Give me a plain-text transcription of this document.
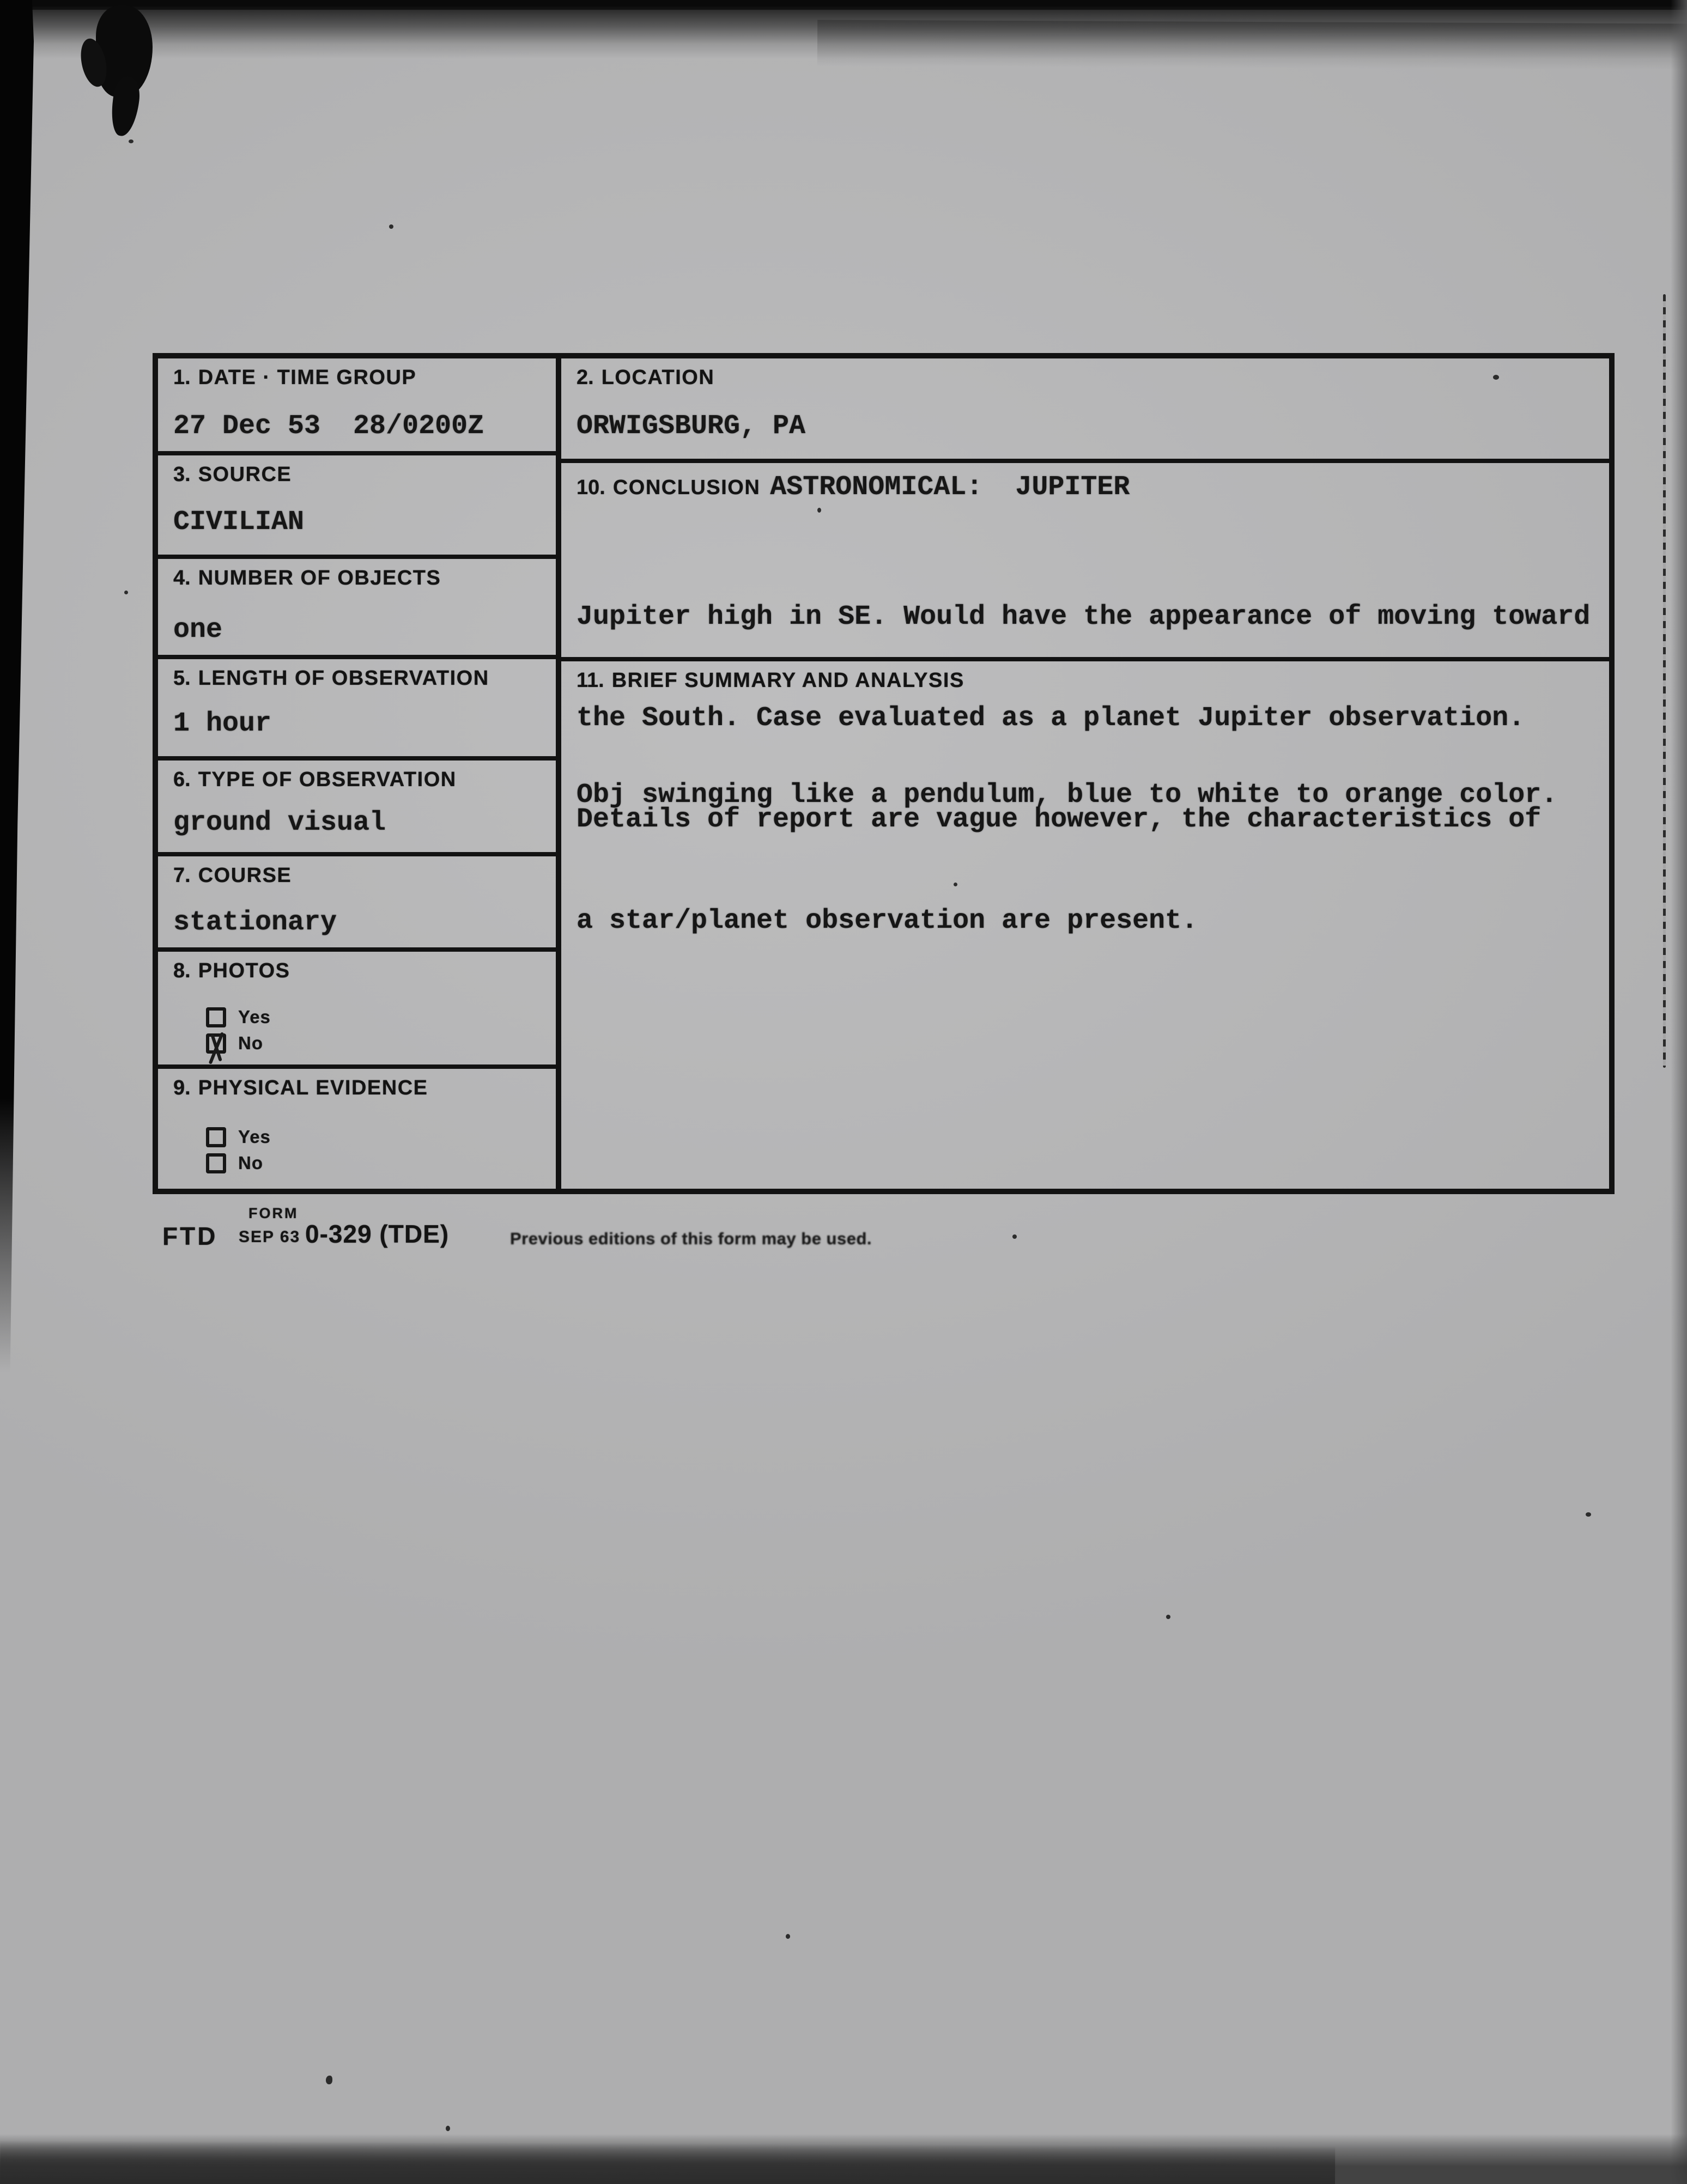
1. DATE · TIME GROUP
27 Dec 53  28/0200Z
3. SOURCE
CIVILIAN
4. NUMBER OF OBJECTS
one
5. LENGTH OF OBSERVATION
1 hour
6. TYPE OF OBSERVATION
ground visual
7. COURSE
stationary
8. PHOTOS
Yes
No
9. PHYSICAL EVIDENCE
Yes
No
2. LOCATION
ORWIGSBURG, PA
10. CONCLUSION ASTRONOMICAL:  JUPITER

Jupiter high in SE. Would have the appearance of moving toward

the South. Case evaluated as a planet Jupiter observation.

Details of report are vague however, the characteristics of

a star/planet observation are present.

11. BRIEF SUMMARY AND ANALYSIS
Obj swinging like a pendulum, blue to white to orange color.
FORM
FTD SEP 63 0-329 (TDE)	Previous editions of this form may be used.
